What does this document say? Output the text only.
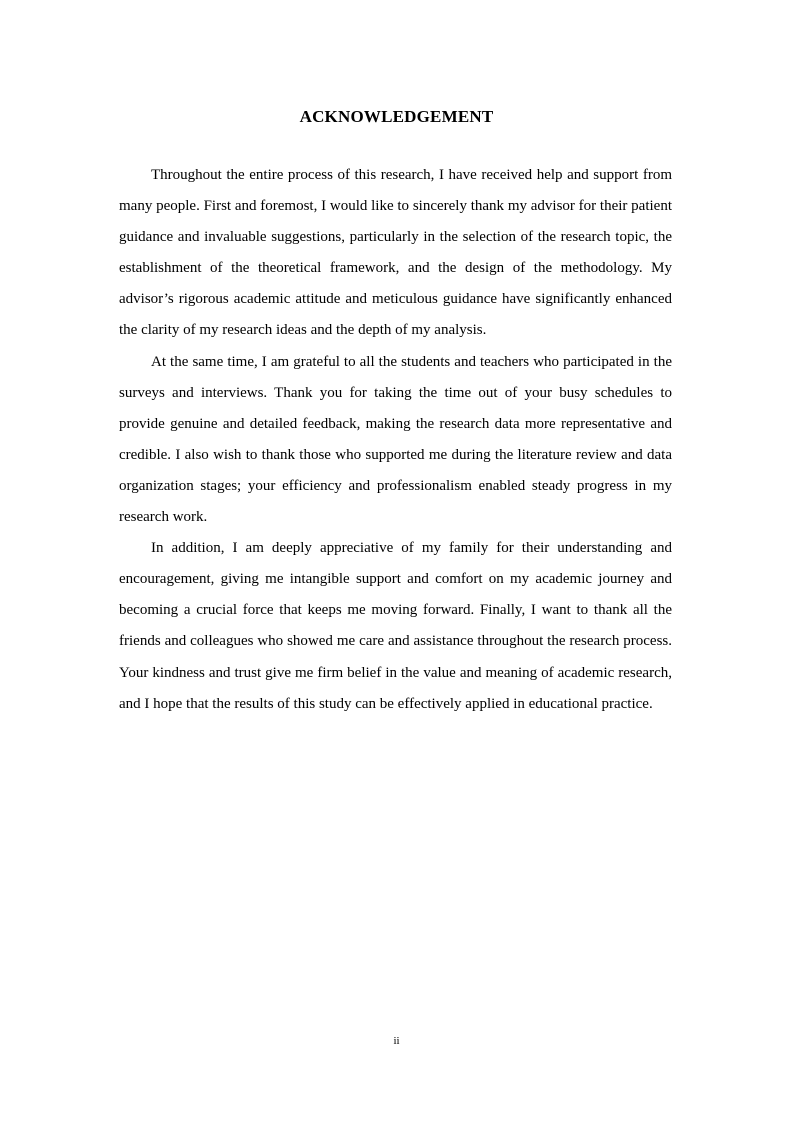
ACKNOWLEDGEMENT

Throughout the entire process of this research, I have received help and support from many people. First and foremost, I would like to sincerely thank my advisor for their patient guidance and invaluable suggestions, particularly in the selection of the research topic, the establishment of the theoretical framework, and the design of the methodology. My advisor’s rigorous academic attitude and meticulous guidance have significantly enhanced the clarity of my research ideas and the depth of my analysis.

At the same time, I am grateful to all the students and teachers who participated in the surveys and interviews. Thank you for taking the time out of your busy schedules to provide genuine and detailed feedback, making the research data more representative and credible. I also wish to thank those who supported me during the literature review and data organization stages; your efficiency and professionalism enabled steady progress in my research work.

In addition, I am deeply appreciative of my family for their understanding and encouragement, giving me intangible support and comfort on my academic journey and becoming a crucial force that keeps me moving forward. Finally, I want to thank all the friends and colleagues who showed me care and assistance throughout the research process. Your kindness and trust give me firm belief in the value and meaning of academic research, and I hope that the results of this study can be effectively applied in educational practice.

ii
